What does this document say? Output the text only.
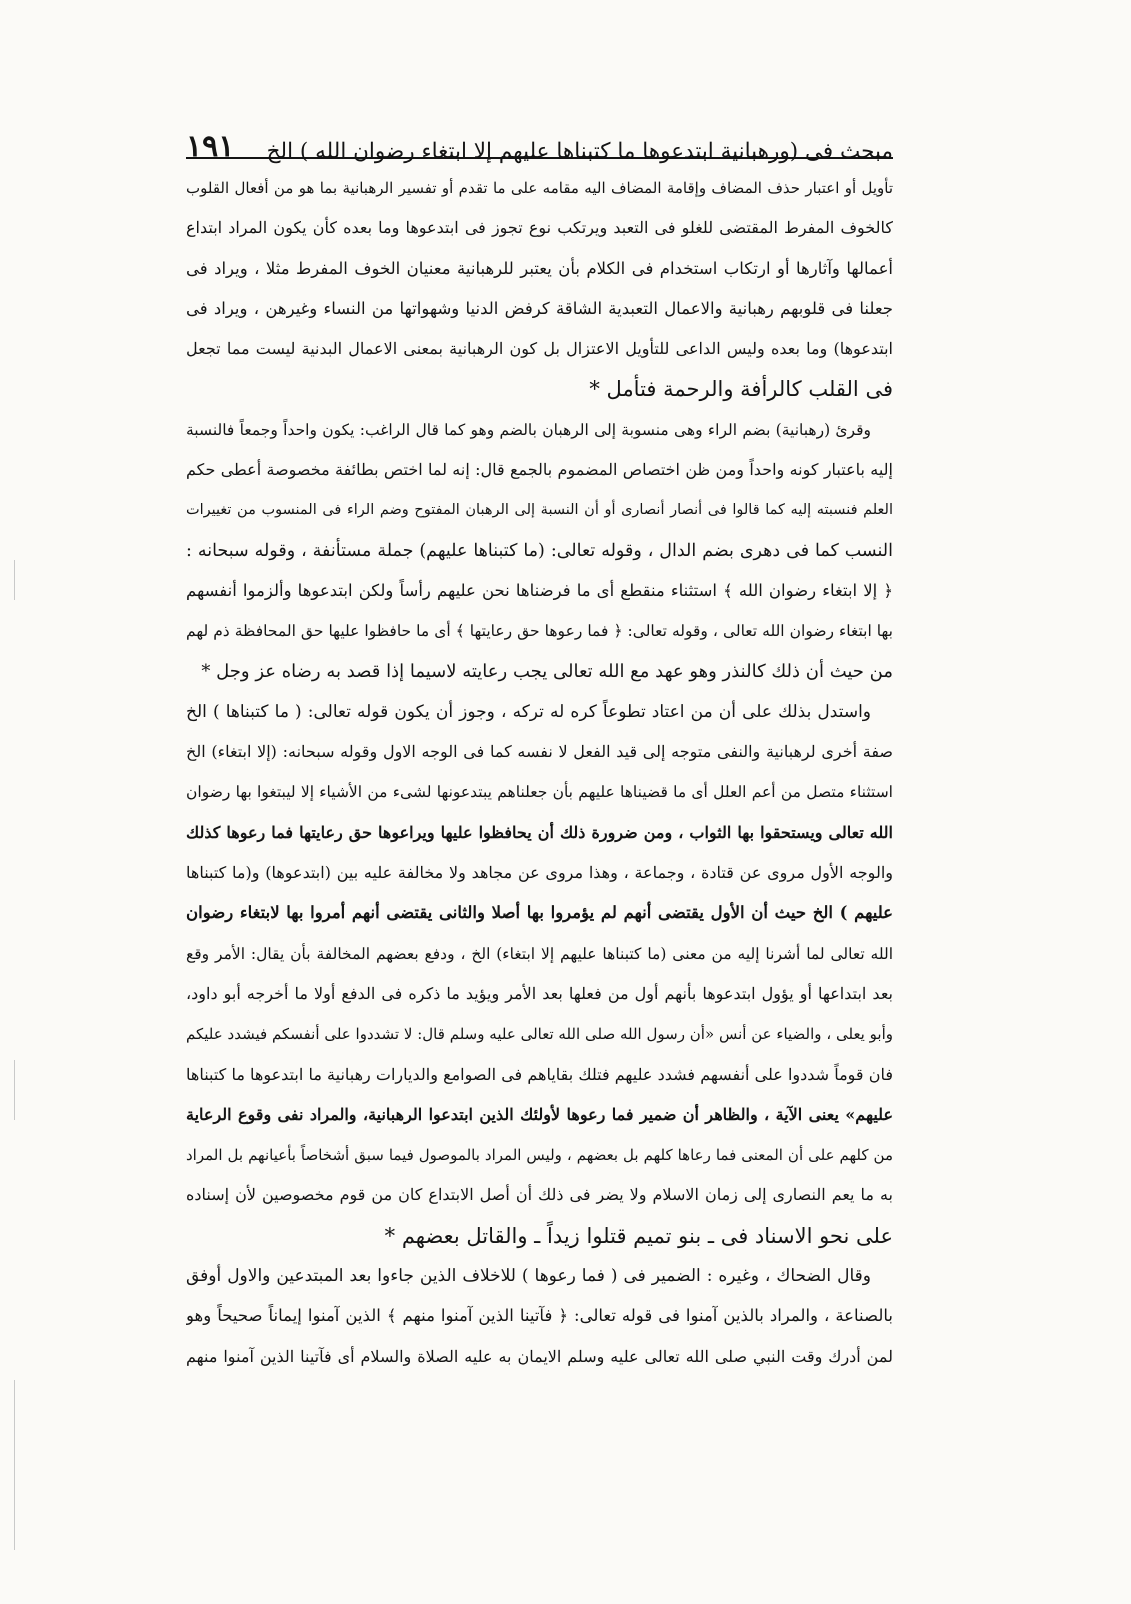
مبحث فى (ورهبانية ابتدعوها ما كتبناها عليهم إلا ابتغاء رضوان الله ) الخ
١٩١
تأويل أو اعتبار حذف المضاف وإقامة المضاف اليه مقامه على ما تقدم أو تفسير الرهبانية بما هو من أفعال القلوب
كالخوف المفرط المقتضى للغلو فى التعبد ويرتكب نوع تجوز فى ابتدعوها وما بعده كأن يكون المراد ابتداع
أعمالها وآثارها أو ارتكاب استخدام فى الكلام بأن يعتبر للرهبانية معنيان الخوف المفرط مثلا ، ويراد فى
جعلنا فى قلوبهم رهبانية والاعمال التعبدية الشاقة كرفض الدنيا وشهواتها من النساء وغيرهن ، ويراد فى
ابتدعوها) وما بعده وليس الداعى للتأويل الاعتزال بل كون الرهبانية بمعنى الاعمال البدنية ليست مما تجعل
فى القلب كالرأفة والرحمة فتأمل *
وقرئ (رهبانية) بضم الراء وهى منسوبة إلى الرهبان بالضم وهو كما قال الراغب: يكون واحداً وجمعاً فالنسبة
إليه باعتبار كونه واحداً ومن ظن اختصاص المضموم بالجمع قال: إنه لما اختص بطائفة مخصوصة أعطى حكم
العلم فنسبته إليه كما قالوا فى أنصار أنصارى أو أن النسبة إلى الرهبان المفتوح وضم الراء فى المنسوب من تغييرات
النسب كما فى دهرى بضم الدال ، وقوله تعالى: (ما كتبناها عليهم) جملة مستأنفة ، وقوله سبحانه :
﴿ إلا ابتغاء رضوان الله ﴾ استثناء منقطع أى ما فرضناها نحن عليهم رأساً ولكن ابتدعوها وألزموا أنفسهم
بها ابتغاء رضوان الله تعالى ، وقوله تعالى: ﴿ فما رعوها حق رعايتها ﴾ أى ما حافظوا عليها حق المحافظة ذم لهم
من حيث أن ذلك كالنذر وهو عهد مع الله تعالى يجب رعايته لاسيما إذا قصد به رضاه عز وجل *
واستدل بذلك على أن من اعتاد تطوعاً كره له تركه ، وجوز أن يكون قوله تعالى: ( ما كتبناها ) الخ
صفة أخرى لرهبانية والنفى متوجه إلى قيد الفعل لا نفسه كما فى الوجه الاول وقوله سبحانه: (إلا ابتغاء) الخ
استثناء متصل من أعم العلل أى ما قضيناها عليهم بأن جعلناهم يبتدعونها لشىء من الأشياء إلا ليبتغوا بها رضوان
الله تعالى ويستحقوا بها الثواب ، ومن ضرورة ذلك أن يحافظوا عليها ويراعوها حق رعايتها فما رعوها كذلك
والوجه الأول مروى عن قتادة ، وجماعة ، وهذا مروى عن مجاهد ولا مخالفة عليه بين (ابتدعوها) و(ما كتبناها
عليهم ) الخ حيث أن الأول يقتضى أنهم لم يؤمروا بها أصلا والثانى يقتضى أنهم أمروا بها لابتغاء رضوان
الله تعالى لما أشرنا إليه من معنى (ما كتبناها عليهم إلا ابتغاء) الخ ، ودفع بعضهم المخالفة بأن يقال: الأمر وقع
بعد ابتداعها أو يؤول ابتدعوها بأنهم أول من فعلها بعد الأمر ويؤيد ما ذكره فى الدفع أولا ما أخرجه أبو داود،
وأبو يعلى ، والضياء عن أنس «أن رسول الله صلى الله تعالى عليه وسلم قال: لا تشددوا على أنفسكم فيشدد عليكم
فان قوماً شددوا على أنفسهم فشدد عليهم فتلك بقاياهم فى الصوامع والديارات رهبانية ما ابتدعوها ما كتبناها
عليهم» يعنى الآية ، والظاهر أن ضمير فما رعوها لأولئك الذين ابتدعوا الرهبانية، والمراد نفى وقوع الرعاية
من كلهم على أن المعنى فما رعاها كلهم بل بعضهم ، وليس المراد بالموصول فيما سبق أشخاصاً بأعيانهم بل المراد
به ما يعم النصارى إلى زمان الاسلام ولا يضر فى ذلك أن أصل الابتداع كان من قوم مخصوصين لأن إسناده
على نحو الاسناد فى ـ بنو تميم قتلوا زيداً ـ والقاتل بعضهم *
وقال الضحاك ، وغيره : الضمير فى ( فما رعوها ) للاخلاف الذين جاءوا بعد المبتدعين والاول أوفق
بالصناعة ، والمراد بالذين آمنوا فى قوله تعالى: ﴿ فآتينا الذين آمنوا منهم ﴾ الذين آمنوا إيماناً صحيحاً وهو
لمن أدرك وقت النبي صلى الله تعالى عليه وسلم الايمان به عليه الصلاة والسلام أى فآتينا الذين آمنوا منهم
